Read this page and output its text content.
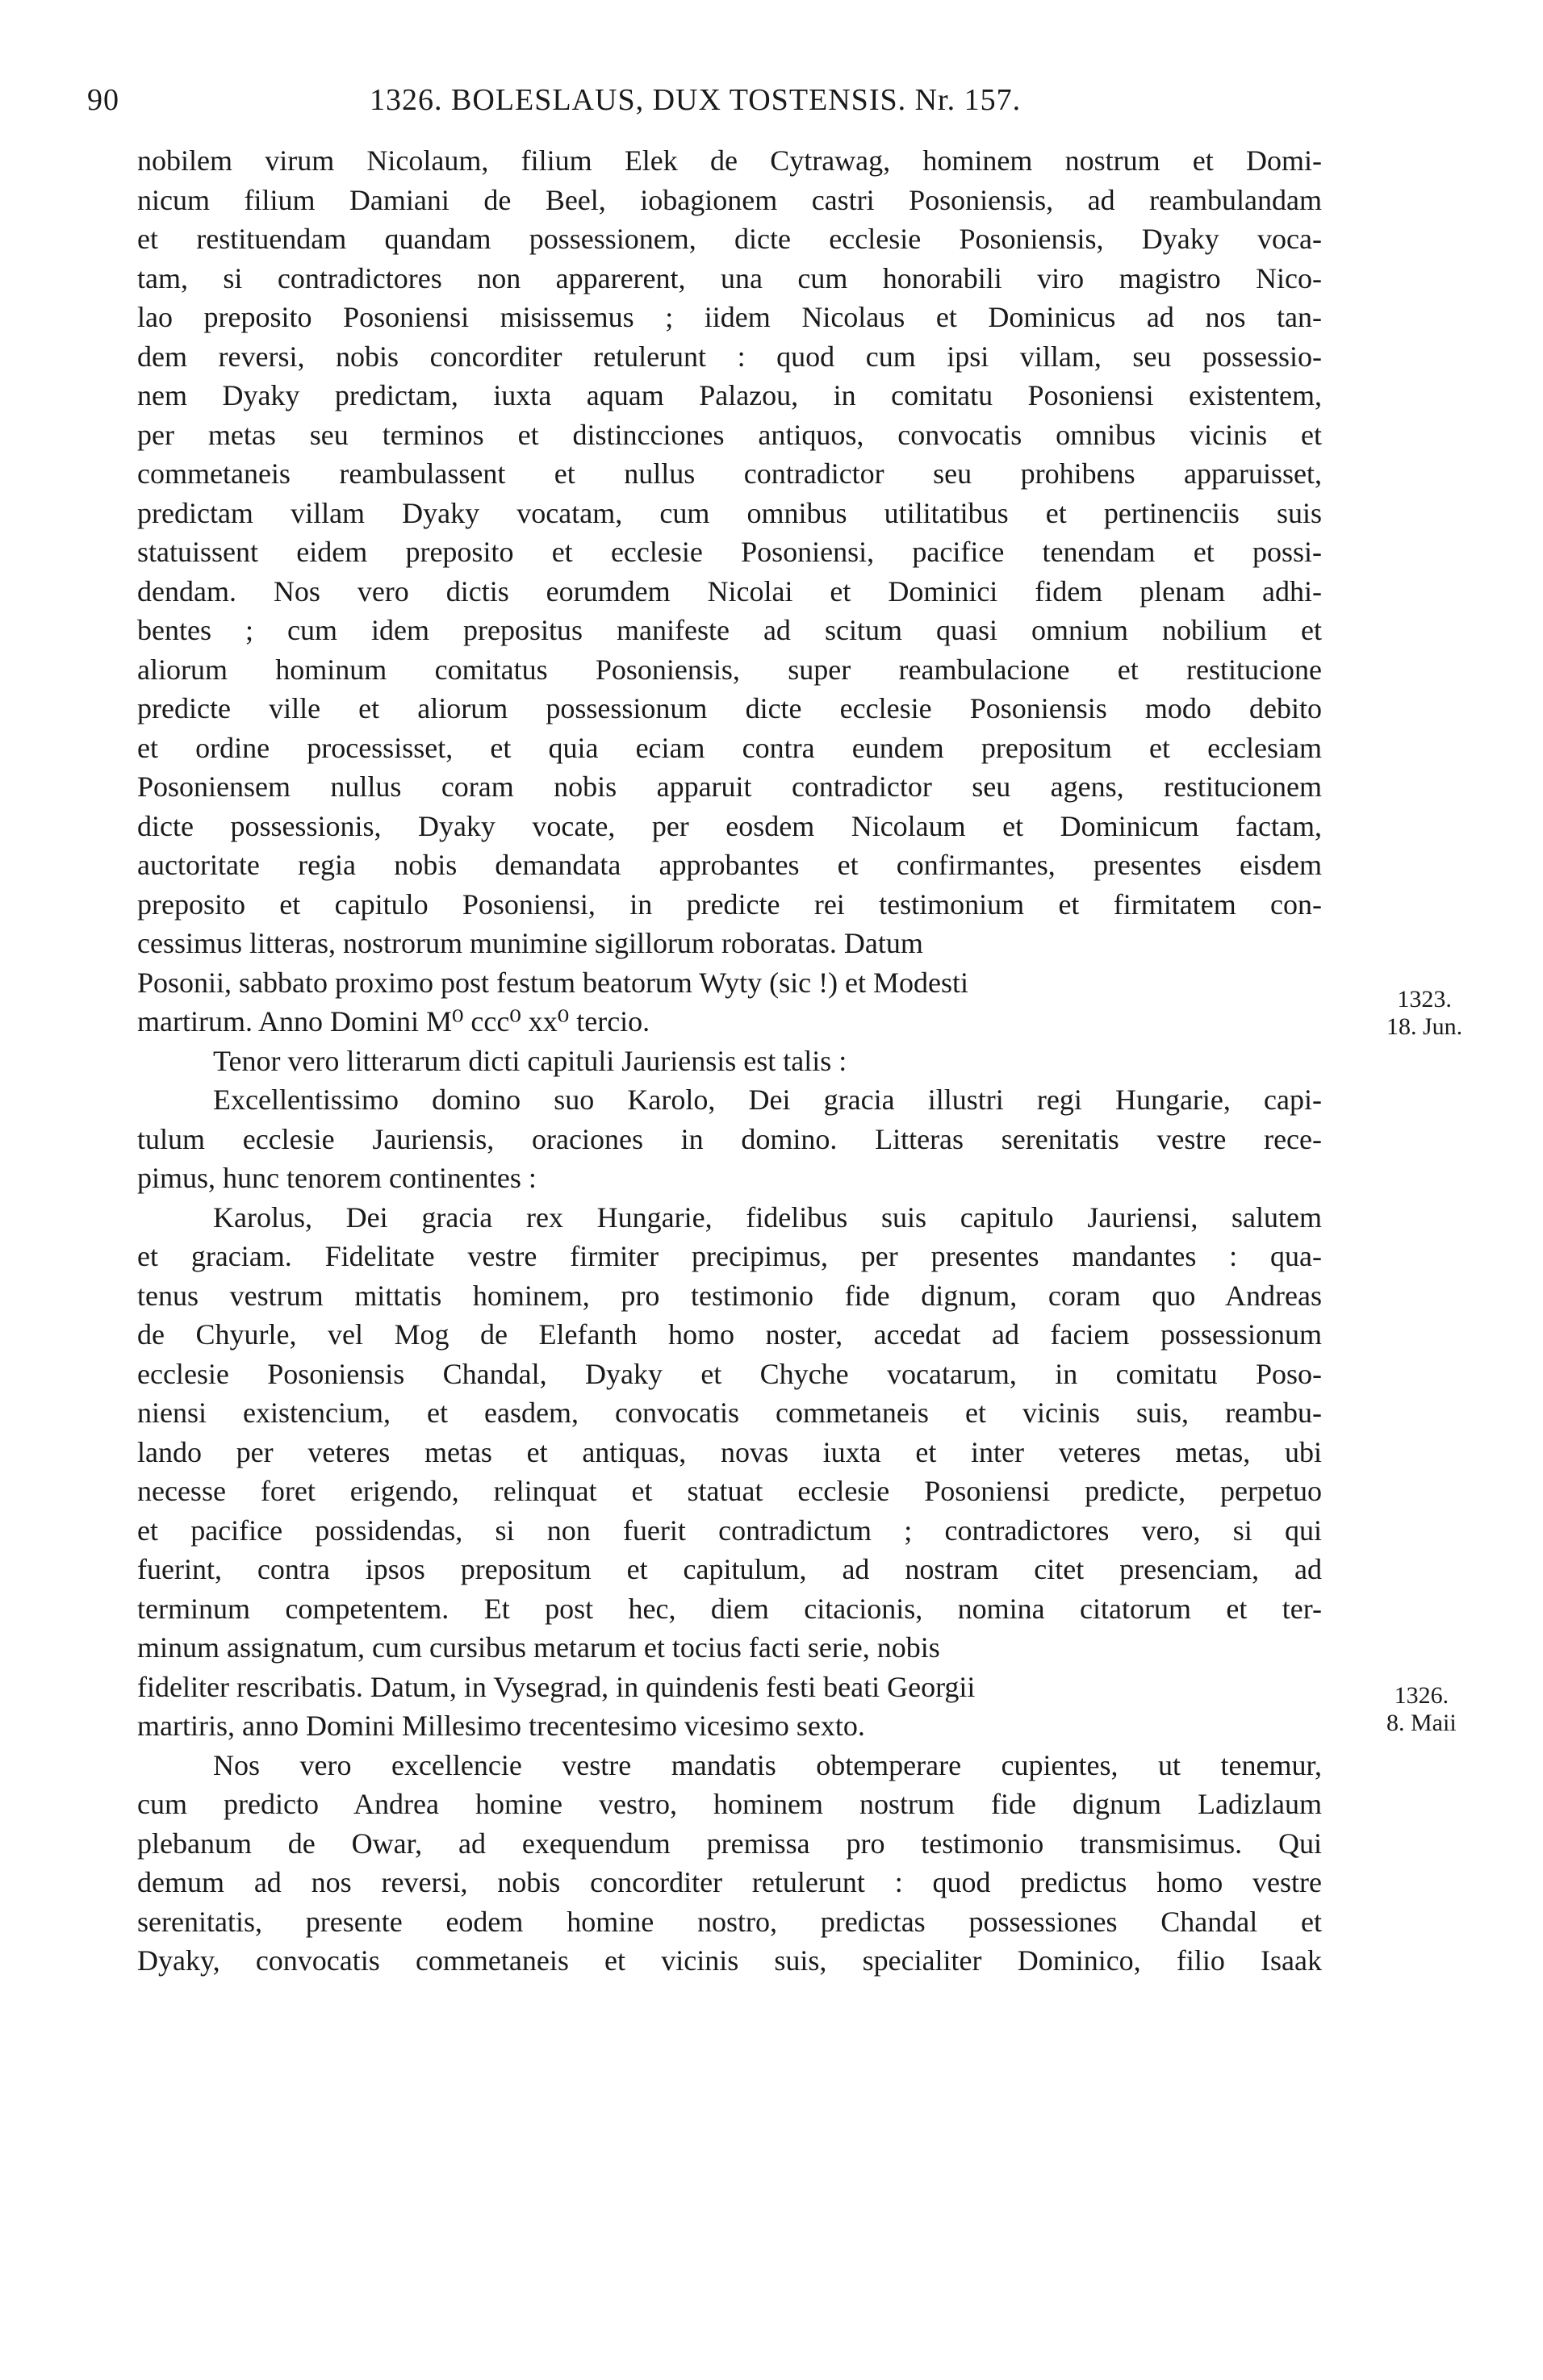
90	1326. BOLESLAUS, DUX TOSTENSIS. Nr. 157.
nobilem virum Nicolaum, filium Elek de Cytrawag, hominem nostrum et Domi-
nicum filium Damiani de Beel, iobagionem castri Posoniensis, ad reambulandam
et restituendam quandam possessionem, dicte ecclesie Posoniensis, Dyaky voca-
tam, si contradictores non apparerent, una cum honorabili viro magistro Nico-
lao preposito Posoniensi misissemus ; iidem Nicolaus et Dominicus ad nos tan-
dem reversi, nobis concorditer retulerunt : quod cum ipsi villam, seu possessio-
nem Dyaky predictam, iuxta aquam Palazou, in comitatu Posoniensi existentem,
per metas seu terminos et distincciones antiquos, convocatis omnibus vicinis et
commetaneis reambulassent et nullus contradictor seu prohibens apparuisset,
predictam villam Dyaky vocatam, cum omnibus utilitatibus et pertinenciis suis
statuissent eidem preposito et ecclesie Posoniensi, pacifice tenendam et possi-
dendam. Nos vero dictis eorumdem Nicolai et Dominici fidem plenam adhi-
bentes ; cum idem prepositus manifeste ad scitum quasi omnium nobilium et
aliorum hominum comitatus Posoniensis, super reambulacione et restitucione
predicte ville et aliorum possessionum dicte ecclesie Posoniensis modo debito
et ordine processisset, et quia eciam contra eundem prepositum et ecclesiam
Posoniensem nullus coram nobis apparuit contradictor seu agens, restitucionem
dicte possessionis, Dyaky vocate, per eosdem Nicolaum et Dominicum factam,
auctoritate regia nobis demandata approbantes et confirmantes, presentes eisdem
preposito et capitulo Posoniensi, in predicte rei testimonium et firmitatem con-
cessimus litteras, nostrorum munimine sigillorum roboratas. Datum
Posonii, sabbato proximo post festum beatorum Wyty (sic !) et Modesti
martirum. Anno Domini M⁰ ccc⁰ xx⁰ tercio.
Tenor vero litterarum dicti capituli Jauriensis est talis :
Excellentissimo domino suo Karolo, Dei gracia illustri regi Hungarie, capi-
tulum ecclesie Jauriensis, oraciones in domino. Litteras serenitatis vestre rece-
pimus, hunc tenorem continentes :
Karolus, Dei gracia rex Hungarie, fidelibus suis capitulo Jauriensi, salutem
et graciam. Fidelitate vestre firmiter precipimus, per presentes mandantes : qua-
tenus vestrum mittatis hominem, pro testimonio fide dignum, coram quo Andreas
de Chyurle, vel Mog de Elefanth homo noster, accedat ad faciem possessionum
ecclesie Posoniensis Chandal, Dyaky et Chyche vocatarum, in comitatu Poso-
niensi existencium, et easdem, convocatis commetaneis et vicinis suis, reambu-
lando per veteres metas et antiquas, novas iuxta et inter veteres metas, ubi
necesse foret erigendo, relinquat et statuat ecclesie Posoniensi predicte, perpetuo
et pacifice possidendas, si non fuerit contradictum ; contradictores vero, si qui
fuerint, contra ipsos prepositum et capitulum, ad nostram citet presenciam, ad
terminum competentem. Et post hec, diem citacionis, nomina citatorum et ter-
minum assignatum, cum cursibus metarum et tocius facti serie, nobis
fideliter rescribatis. Datum, in Vysegrad, in quindenis festi beati Georgii
martiris, anno Domini Millesimo trecentesimo vicesimo sexto.
Nos vero excellencie vestre mandatis obtemperare cupientes, ut tenemur,
cum predicto Andrea homine vestro, hominem nostrum fide dignum Ladizlaum
plebanum de Owar, ad exequendum premissa pro testimonio transmisimus. Qui
demum ad nos reversi, nobis concorditer retulerunt : quod predictus homo vestre
serenitatis, presente eodem homine nostro, predictas possessiones Chandal et
Dyaky, convocatis commetaneis et vicinis suis, specialiter Dominico, filio Isaak
1323.
18. Jun.
1326.
8. Maii
